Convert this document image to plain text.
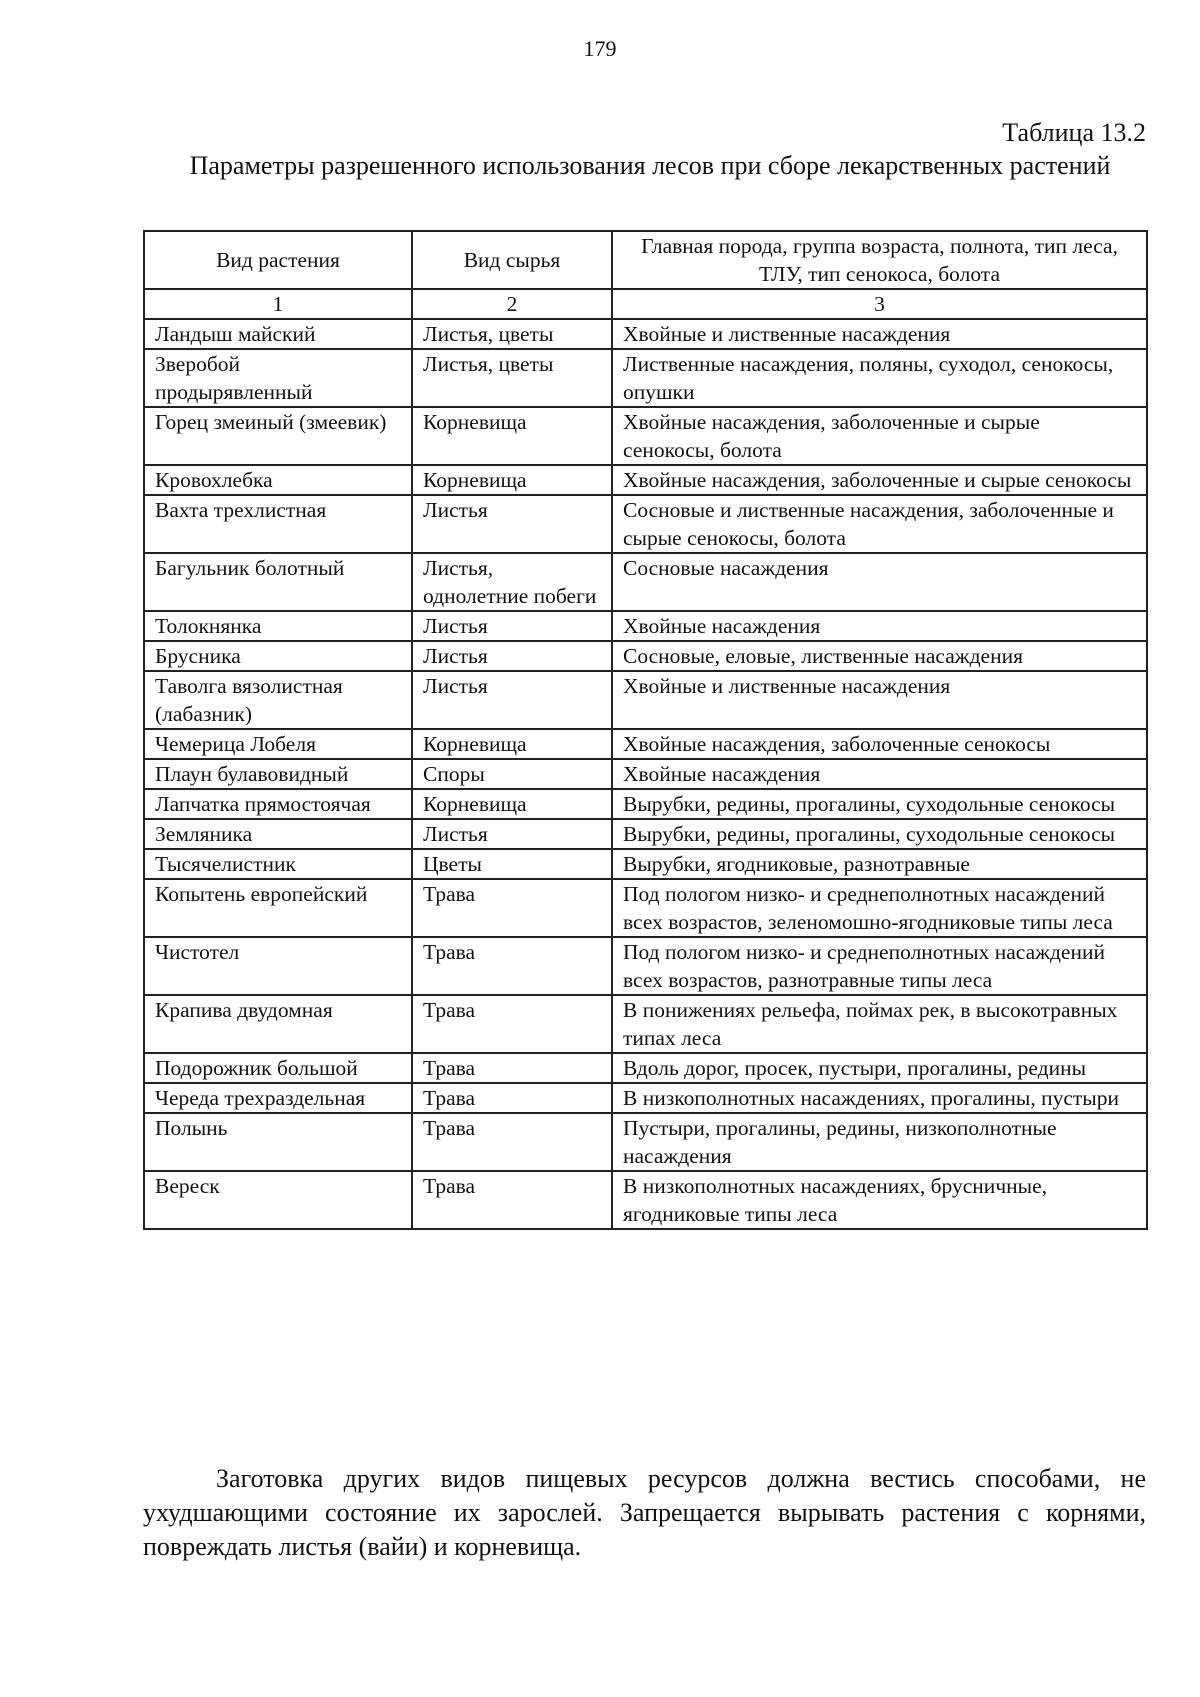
179
Таблица 13.2
Параметры разрешенного использования лесов при сборе лекарственных растений
Вид растения	Вид сырья	Главная порода, группа возраста, полнота, тип леса, ТЛУ, тип сенокоса, болота
1	2	3
Ландыш майский	Листья, цветы	Хвойные и лиственные насаждения
Зверобой продырявленный	Листья, цветы	Лиственные насаждения, поляны, суходол, сенокосы, опушки
Горец змеиный (змеевик)	Корневища	Хвойные насаждения, заболоченные и сырые сенокосы, болота
Кровохлебка	Корневища	Хвойные насаждения, заболоченные и сырые сенокосы
Вахта трехлистная	Листья	Сосновые и лиственные насаждения, заболоченные и сырые сенокосы, болота
Багульник болотный	Листья, однолетние побеги	Сосновые насаждения
Толокнянка	Листья	Хвойные насаждения
Брусника	Листья	Сосновые, еловые, лиственные насаждения
Таволга вязолистная (лабазник)	Листья	Хвойные и лиственные насаждения
Чемерица Лобеля	Корневища	Хвойные насаждения, заболоченные сенокосы
Плаун булавовидный	Споры	Хвойные насаждения
Лапчатка прямостоячая	Корневища	Вырубки, редины, прогалины, суходольные сенокосы
Земляника	Листья	Вырубки, редины, прогалины, суходольные сенокосы
Тысячелистник	Цветы	Вырубки, ягодниковые, разнотравные
Копытень европейский	Трава	Под пологом низко- и среднеполнотных насаждений всех возрастов, зеленомошно-ягодниковые типы леса
Чистотел	Трава	Под пологом низко- и среднеполнотных насаждений всех возрастов, разнотравные типы леса
Крапива двудомная	Трава	В понижениях рельефа, поймах рек, в высокотравных типах леса
Подорожник большой	Трава	Вдоль дорог, просек, пустыри, прогалины, редины
Череда трехраздельная	Трава	В низкополнотных насаждениях, прогалины, пустыри
Полынь	Трава	Пустыри, прогалины, редины, низкополнотные насаждения
Вереск	Трава	В низкополнотных насаждениях, брусничные, ягодниковые типы леса

Заготовка других видов пищевых ресурсов должна вестись способами, не ухудшающими состояние их зарослей. Запрещается вырывать растения с корнями, повреждать листья (вайи) и корневища.
